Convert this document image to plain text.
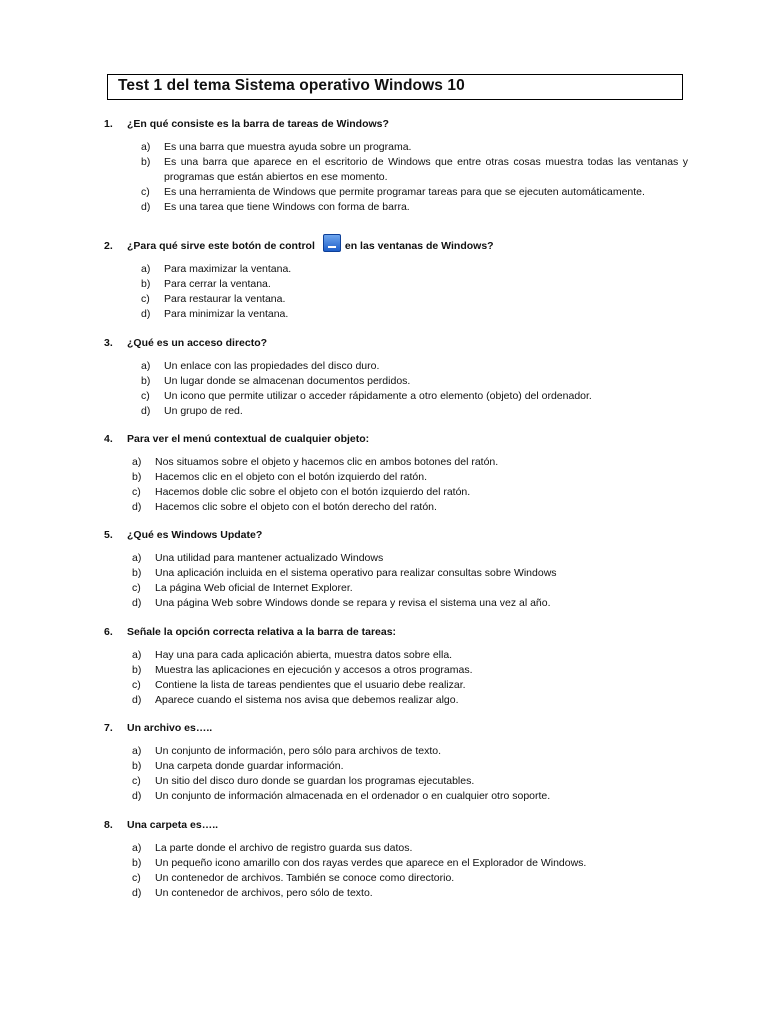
Test 1 del tema Sistema operativo Windows 10
1.	¿En qué consiste es la barra de tareas de Windows?
a)	Es una barra que muestra ayuda sobre un programa.
b)	Es una barra que aparece en el escritorio de Windows que entre otras cosas muestra todas las ventanas y programas que están abiertos en ese momento.
c)	Es una herramienta de Windows que permite programar tareas para que se ejecuten automáticamente.
d)	Es una tarea que tiene Windows con forma de barra.
2.	¿Para qué sirve este botón de control	en las ventanas de Windows?
a)	Para maximizar la ventana.
b)	Para cerrar la ventana.
c)	Para restaurar la ventana.
d)	Para minimizar la ventana.
3.	¿Qué es un acceso directo?
a)	Un enlace con las propiedades del disco duro.
b)	Un lugar donde se almacenan documentos perdidos.
c)	Un icono que permite utilizar o acceder rápidamente a otro elemento (objeto) del ordenador.
d)	Un grupo de red.
4.	Para ver el menú contextual de cualquier objeto:
a)	Nos situamos sobre el objeto y hacemos clic en ambos botones del ratón.
b)	Hacemos clic en el objeto con el botón izquierdo del ratón.
c)	Hacemos doble clic sobre el objeto con el botón izquierdo del ratón.
d)	Hacemos clic sobre el objeto con el botón derecho del ratón.
5.	¿Qué es Windows Update?
a)	Una utilidad para mantener actualizado Windows
b)	Una aplicación incluida en el sistema operativo para realizar consultas sobre Windows
c)	La página Web oficial de Internet Explorer.
d)	Una página Web sobre Windows donde se repara y revisa el sistema una vez al año.
6.	Señale la opción correcta relativa a la barra de tareas:
a)	Hay una para cada aplicación abierta, muestra datos sobre ella.
b)	Muestra las aplicaciones en ejecución y accesos a otros programas.
c)	Contiene la lista de tareas pendientes que el usuario debe realizar.
d)	Aparece cuando el sistema nos avisa que debemos realizar algo.
7.	Un archivo es…..
a)	Un conjunto de información, pero sólo para archivos de texto.
b)	Una carpeta donde guardar información.
c)	Un sitio del disco duro donde se guardan los programas ejecutables.
d)	Un conjunto de información almacenada en el ordenador o en cualquier otro soporte.
8.	Una carpeta es…..
a)	La parte donde el archivo de registro guarda sus datos.
b)	Un pequeño icono amarillo con dos rayas verdes que aparece en el Explorador de Windows.
c)	Un contenedor de archivos. También se conoce como directorio.
d)	Un contenedor de archivos, pero sólo de texto.
